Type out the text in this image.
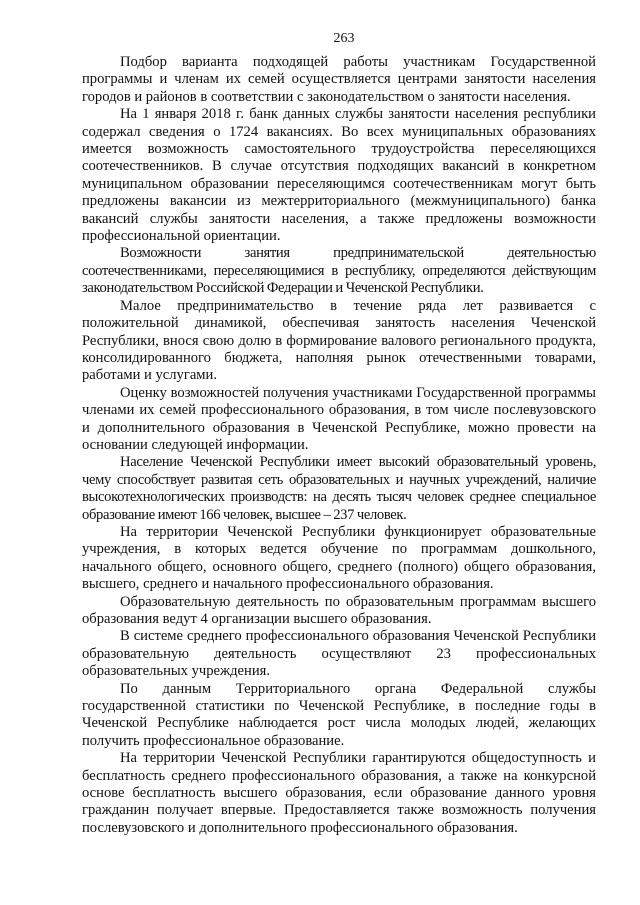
263

Подбор варианта подходящей работы участникам Государственной программы и членам их семей осуществляется центрами занятости населения городов и районов в соответствии с законодательством о занятости населения.

На 1 января 2018 г. банк данных службы занятости населения республики содержал сведения о 1724 вакансиях. Во всех муниципальных образованиях имеется возможность самостоятельного трудоустройства переселяющихся соотечественников. В случае отсутствия подходящих вакансий в конкретном муниципальном образовании переселяющимся соотечественникам могут быть предложены вакансии из межтерриториального (межмуниципального) банка вакансий службы занятости населения, а также предложены возможности профессиональной ориентации.

Возможности занятия предпринимательской деятельностью соотечественниками, переселяющимися в республику, определяются действующим законодательством Российской Федерации и Чеченской Республики.

Малое предпринимательство в течение ряда лет развивается с положительной динамикой, обеспечивая занятость населения Чеченской Республики, внося свою долю в формирование валового регионального продукта, консолидированного бюджета, наполняя рынок отечественными товарами, работами и услугами.

Оценку возможностей получения участниками Государственной программы членами их семей профессионального образования, в том числе послевузовского и дополнительного образования в Чеченской Республике, можно провести на основании следующей информации.

Население Чеченской Республики имеет высокий образовательный уровень, чему способствует развитая сеть образовательных и научных учреждений, наличие высокотехнологических производств: на десять тысяч человек среднее специальное образование имеют 166 человек, высшее – 237 человек.

На территории Чеченской Республики функционирует образовательные учреждения, в которых ведется обучение по программам дошкольного, начального общего, основного общего, среднего (полного) общего образования, высшего, среднего и начального профессионального образования.

Образовательную деятельность по образовательным программам высшего образования ведут 4 организации высшего образования.

В системе среднего профессионального образования Чеченской Республики образовательную деятельность осуществляют 23 профессиональных образовательных учреждения.

По данным Территориального органа Федеральной службы государственной статистики по Чеченской Республике, в последние годы в Чеченской Республике наблюдается рост числа молодых людей, желающих получить профессиональное образование.

На территории Чеченской Республики гарантируются общедоступность и бесплатность среднего профессионального образования, а также на конкурсной основе бесплатность высшего образования, если образование данного уровня гражданин получает впервые. Предоставляется также возможность получения послевузовского и дополнительного профессионального образования.
